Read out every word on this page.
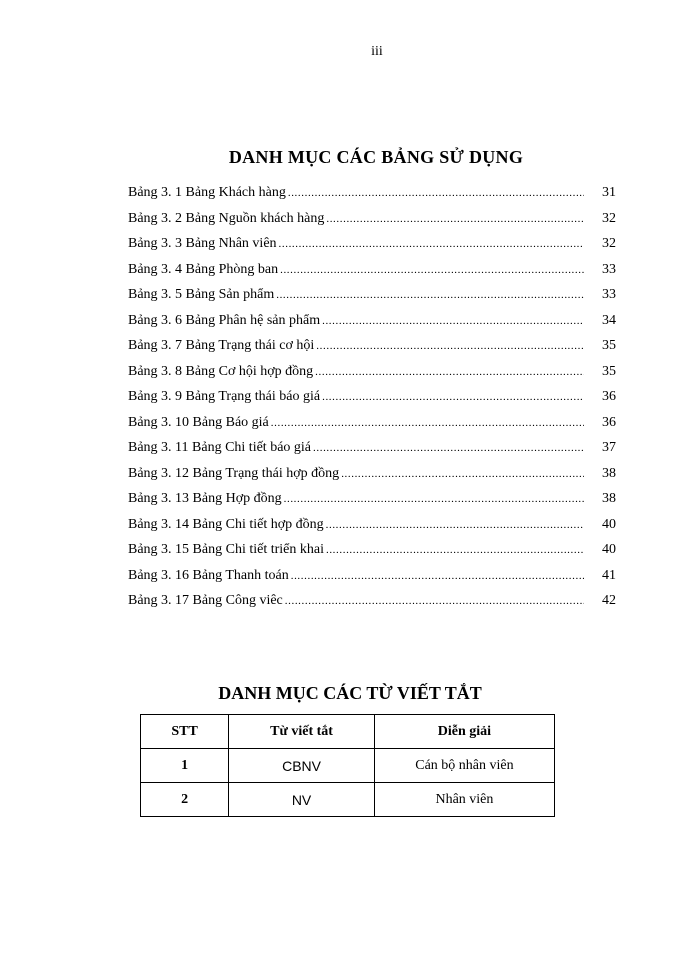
iii
DANH MỤC CÁC BẢNG SỬ DỤNG
Bảng 3. 1 Bảng Khách hàng .....	31
Bảng 3. 2 Bảng Nguồn khách hàng .....	32
Bảng 3. 3 Bảng Nhân viên .....	32
Bảng 3. 4 Bảng Phòng ban .....	33
Bảng 3. 5 Bảng Sản phẩm .....	33
Bảng 3. 6 Bảng Phân hệ sản phẩm .....	34
Bảng 3. 7 Bảng Trạng thái cơ hội .....	35
Bảng 3. 8 Bảng Cơ hội hợp đồng .....	35
Bảng 3. 9 Bảng Trạng thái báo giá .....	36
Bảng 3. 10 Bảng Báo giá .....	36
Bảng 3. 11 Bảng Chi tiết báo giá .....	37
Bảng 3. 12 Bảng Trạng thái hợp đồng .....	38
Bảng 3. 13 Bảng Hợp đồng .....	38
Bảng 3. 14 Bảng Chi tiết hợp đồng .....	40
Bảng 3. 15 Bảng Chi tiết triển khai .....	40
Bảng 3. 16 Bảng Thanh toán .....	41
Bảng 3. 17 Bảng Công viêc .....	42
DANH MỤC CÁC TỪ VIẾT TẮT
STT	Từ viết tắt	Diễn giải
1	CBNV	Cán bộ nhân viên
2	NV	Nhân viên
